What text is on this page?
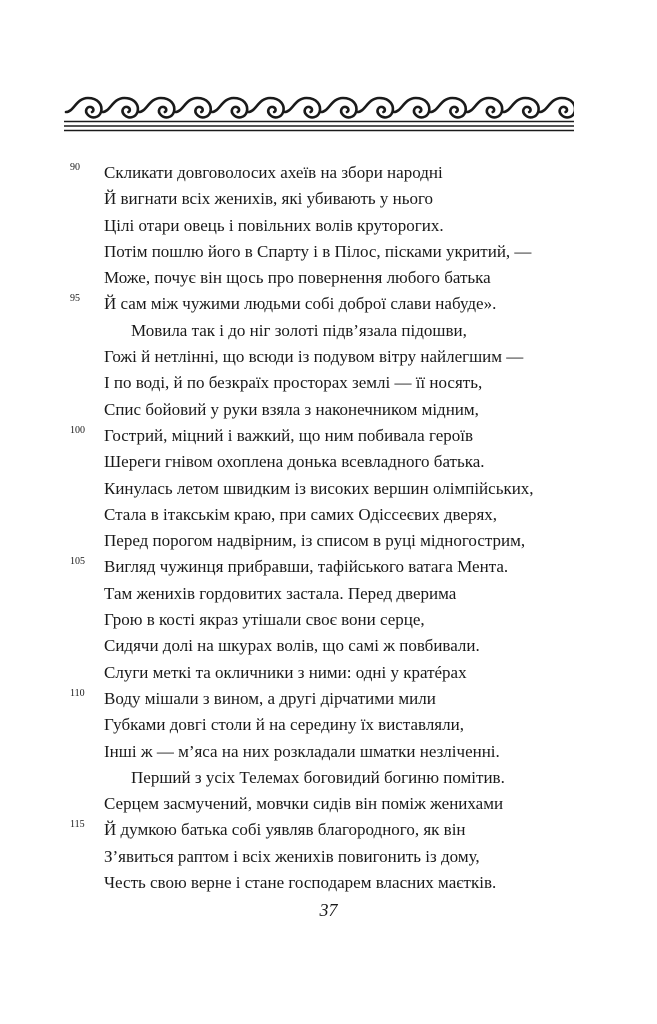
90 Скликати довговолосих ахеїв на збори народні
Й вигнати всіх женихів, які убивають у нього
Цілі отари овець і повільних волів круторогих.
Потім пошлю його в Спарту і в Пілос, пісками укритий, —
Може, почує він щось про повернення любого батька
95 Й сам між чужими людьми собі доброї слави набуде».
Мовила так і до ніг золоті підв’язала підошви,
Гожі й нетлінні, що всюди із подувом вітру найлегшим —
І по воді, й по безкраїх просторах землі — її носять,
Спис бойовий у руки взяла з наконечником мідним,
100 Гострий, міцний і важкий, що ним побивала героїв
Шереги гнівом охоплена донька всевладного батька.
Кинулась летом швидким із високих вершин олімпійських,
Стала в ітакськім краю, при самих Одіссеєвих дверях,
Перед порогом надвірним, із списом в руці мідногострим,
105 Вигляд чужинця прибравши, тафійського ватага Мента.
Там женихів гордовитих застала. Перед дверима
Грою в кості якраз утішали своє вони серце,
Сидячи долі на шкурах волів, що самі ж повбивали.
Слуги меткі та окличники з ними: одні у кратéрах
110 Воду мішали з вином, а другі дірчатими мили
Губками довгі столи й на середину їх виставляли,
Інші ж — м’яса на них розкладали шматки незліченні.
Перший з усіх Телемах боговидий богиню помітив.
Серцем засмучений, мовчки сидів він поміж женихами
115 Й думкою батька собі уявляв благородного, як він
З’явиться раптом і всіх женихів повигонить із дому,
Честь свою верне і стане господарем власних маєтків.
37
